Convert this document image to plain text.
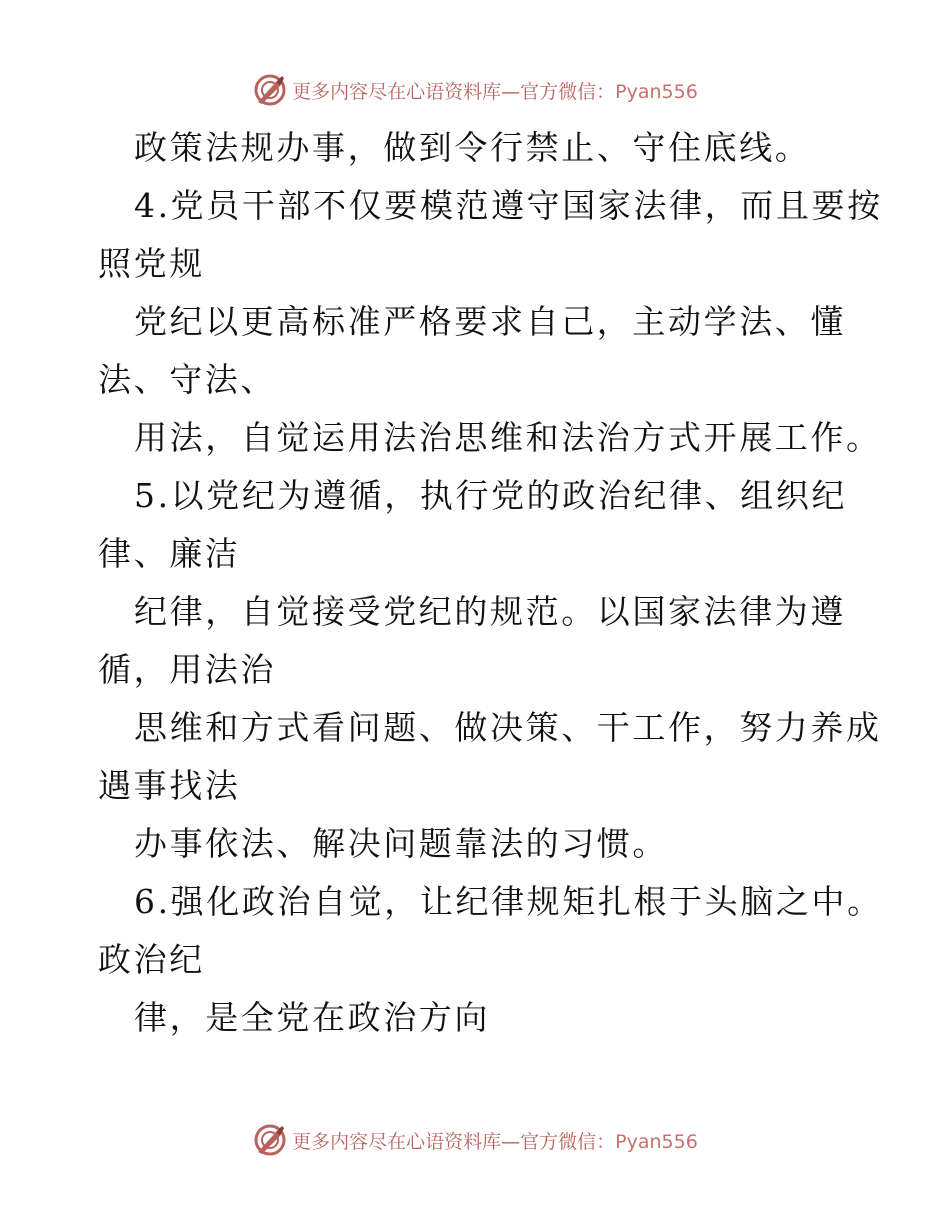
更多内容尽在心语资料库—官方微信：Pyan556
政策法规办事，做到令行禁止、守住底线。
4.党员干部不仅要模范遵守国家法律，而且要按
照党规
党纪以更高标准严格要求自己，主动学法、懂
法、守法、
用法，自觉运用法治思维和法治方式开展工作。
5.以党纪为遵循，执行党的政治纪律、组织纪
律、廉洁
纪律，自觉接受党纪的规范。以国家法律为遵
循，用法治
思维和方式看问题、做决策、干工作，努力养成
遇事找法
办事依法、解决问题靠法的习惯。
6.强化政治自觉，让纪律规矩扎根于头脑之中。
政治纪
律，是全党在政治方向
更多内容尽在心语资料库—官方微信：Pyan556
